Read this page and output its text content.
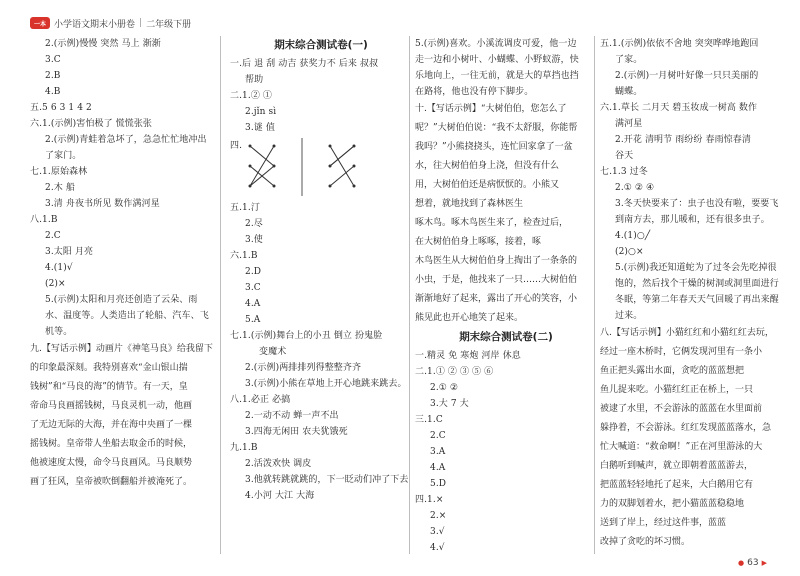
一本 小学语文期末小册卷 | 二年级下册
2.(示例)慢慢 突然 马上 渐渐
3.C
2.B
4.B
五.5 6 3 1 4 2
六.1.(示例)害怕极了 慌慌张张
2.(示例)青蛙着急坏了，急急忙忙地冲出
了家门。
七.1.原始森林
2.木 船
3.清 舟夜书所见 数作满河星
八.1.B
2.C
3.太阳 月亮
4.(1)√
(2)×
5.(示例)太阳和月亮还创造了云朵、雨
水、温度等。人类造出了轮船、汽车、飞
机等。
九.【写话示例】动画片《神笔马良》给我留下
的印象最深刻。我特别喜欢“金山银山揣
钱树”和“马良的海”的情节。有一天，皇
帝命马良画摇钱树，马良灵机一动，他画
了无边无际的大海，并在海中央画了一棵
摇钱树。皇帝带人坐船去取金币的时候，
他被速度太慢，命令马良画风。马良顺势
画了狂风，皇帝被吹倒翻船并被淹死了。
期末综合测试卷(一)
一.后 退 刮 动吉 获奖力不 后来 叔叔
帮助
二.1.② ①
2.jǐn sì
3.谜 值
四.
五.1.汀
2.尽
3.使
六.1.B
2.D
3.C
4.A
5.A
七.1.(示例)舞台上的小丑 倒立 扮鬼脸
变魔术
2.(示例)两排排列得整整齐齐
3.(示例)小熊在草地上开心地跳来跳去。
八.1.必正 必搞
2.一动不动 蝉一声不出
3.四海无闲田 农夫犹饿死
九.1.B
2.活泼欢快 调皮
3.他就转跳就跳的，下一眨动们冲了下去
4.小河 大江 大海
5.(示例)喜欢。小溪流调皮可爱，他一边
走一边和小树叶、小蝴蝶、小野蚁游，快
乐地向上，一往无前，就是大的草挡也挡
在路将，他也没有停下脚步。
十.【写话示例】“大树伯伯，您怎么了
呢？”大树伯伯说：“我不太舒服，你能帮
我吗？”小熊挠挠头，连忙回家拿了一盆
水，往大树伯伯身上浇，但没有什么
用，大树伯伯还是病恹恹的。小熊又
想着，就地找到了森林医生
啄木鸟。啄木鸟医生来了，检查过后，
在大树伯伯身上啄啄，接着，啄
木鸟医生从大树伯伯身上掏出了一条条的
小虫，于是，他找来了一只……大树伯伯
渐渐地好了起来，露出了开心的笑容，小
熊见此也开心地笑了起来。
期末综合测试卷(二)
一.精灵 免 寒炮 河岸 休息
二.1.① ② ③ ⑤ ⑥
2.① ②
3.大 7 大
三.1.C
2.C
3.A
4.A
5.D
四.1.×
2.×
3.√
4.√
五.1.(示例)依依不舍地 突突哗哗地跑回
了家。
2.(示例)一月树叶好像一只只美丽的
蝴蝶。
六.1.草长 二月天 碧玉妆成一树高 数作
满河星
2.开花 清明节 雨纷纷 春雨惊春清
谷天
七.1.3 过冬
2.① ② ④
3.冬天快要来了：虫子也没有啦，要要飞
到南方去，那儿暖和，还有很多虫子。
4.(1)○╱
(2)○×
5.(示例)我还知道蛇为了过冬会先吃掉很
饱的，然后找个干燥的树洞或洞里面进行
冬眠，等第二年春天天气回暖了再出来醒
过来。
八.【写话示例】小猫红红和小猫红红去玩，
经过一座木桥时，它俩发现河里有一条小
鱼正把头露出水面，贪吃的蓝蓝想把
鱼儿捉来吃。小猫红红正在桥上，一只
被逮了水里，不会游泳的蓝蓝在水里面前
躲挣着，不会游泳。红红发现蓝蓝落水，急
忙大喊道：“救命啊！”正在河里游泳的大
白鹅听到喊声，就立即朝着蓝蓝游去，
把蓝蓝轻轻地托了起来，大白鹅用它有
力的双脚划着水，把小猫蓝蓝稳稳地
送到了岸上，经过这件事，蓝蓝
改掉了贪吃的坏习惯。
● 63 ▶
